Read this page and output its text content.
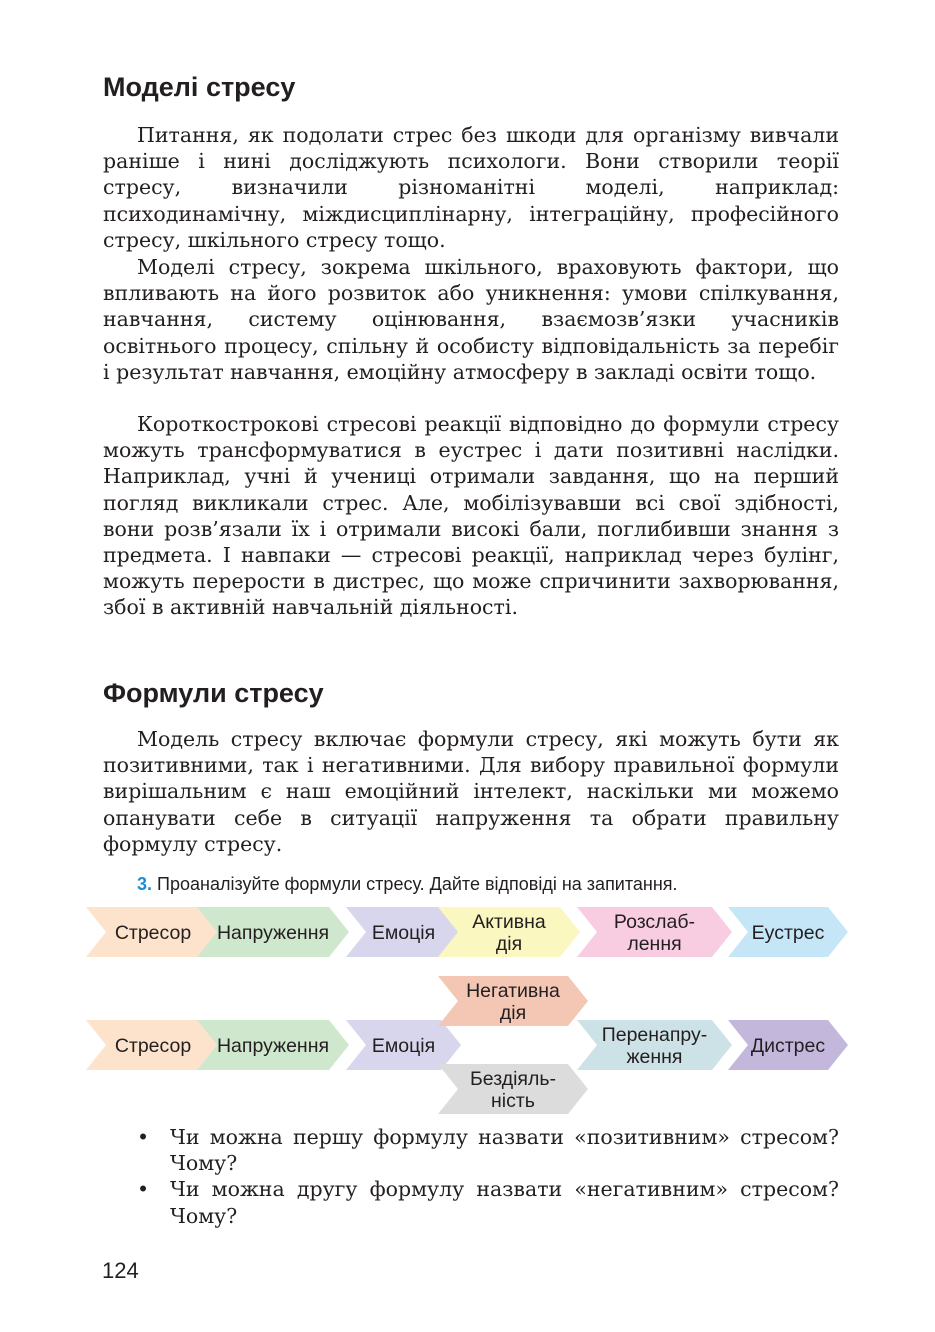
Моделі стресу

Питання, як подолати стрес без шкоди для організму вивчали раніше і нині досліджують психологи. Вони створили теорії стресу, визначили різноманітні моделі, наприклад: психодинамічну, міждисциплінарну, інтеграційну, професійного стресу, шкільного стресу тощо.

Моделі стресу, зокрема шкільного, враховують фактори, що впливають на його розвиток або уникнення: умови спілкування, навчання, систему оцінювання, взаємозв’язки учасників освітнього процесу, спільну й особисту відповідальність за перебіг і результат навчання, емоційну атмосферу в закладі освіти тощо.

Короткострокові стресові реакції відповідно до формули стресу можуть трансформуватися в еустрес і дати позитивні наслідки. Наприклад, учні й учениці отримали завдання, що на перший погляд викликали стрес. Але, мобілізувавши всі свої здібності, вони розв’язали їх і отримали високі бали, поглибивши знання з предмета. І навпаки — стресові реакції, наприклад через булінг, можуть перерости в дистрес, що може спричинити захворювання, збої в активній навчальній діяльності.

Формули стресу

Модель стресу включає формули стресу, які можуть бути як позитивними, так і негативними. Для вибору правильної формули вирішальним є наш емоційний інтелект, наскільки ми можемо опанувати себе в ситуації напруження та обрати правильну формулу стресу.

3. Проаналізуйте формули стресу. Дайте відповіді на запитання.

Стресор Напруження Емоція Активна
дія
Розслаб-
лення	Еустрес
Стресор Напруження Емоція
Негативна
дія
Бездіяль-
ність
Перенапру-
ження	Дистрес
• Чи можна першу формулу назвати «позитивним» стресом? Чому?
• Чи можна другу формулу назвати «негативним» стресом? Чому?

124
